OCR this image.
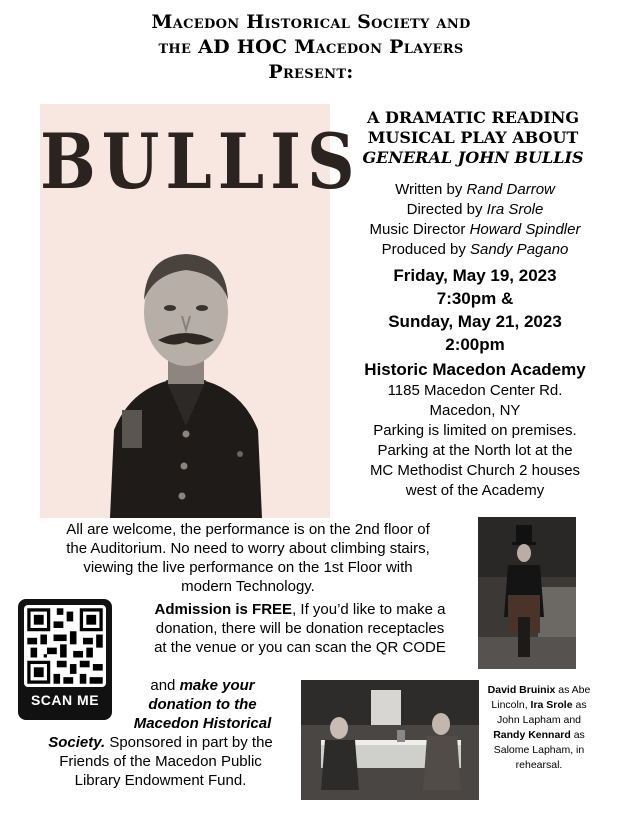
Macedon Historical Society and
the AD HOC Macedon Players
Present:
BULLIS A DRAMATIC READING
MUSICAL PLAY ABOUT
GENERAL JOHN BULLIS
Written by Rand Darrow
Directed by Ira Srole
Music Director Howard Spindler
Produced by Sandy Pagano
Friday, May 19, 2023
7:30pm &
Sunday, May 21, 2023
2:00pm
Historic Macedon Academy
1185 Macedon Center Rd.
Macedon, NY
Parking is limited on premises.
Parking at the North lot at the
MC Methodist Church 2 houses
west of the Academy
All are welcome, the performance is on the 2nd floor of
the Auditorium. No need to worry about climbing stairs,
viewing the live performance on the 1st Floor with
modern Technology.
SCAN ME
Admission is FREE, If you’d like to make a
donation, there will be donation receptacles
at the venue or you can scan the QR CODE
and make your
donation to the
Macedon Historical
Society. Sponsored in part by the
Friends of the Macedon Public
Library Endowment Fund.
David Bruinix as Abe Lincoln, Ira Srole as John Lapham and Randy Kennard as Salome Lapham, in rehearsal.
